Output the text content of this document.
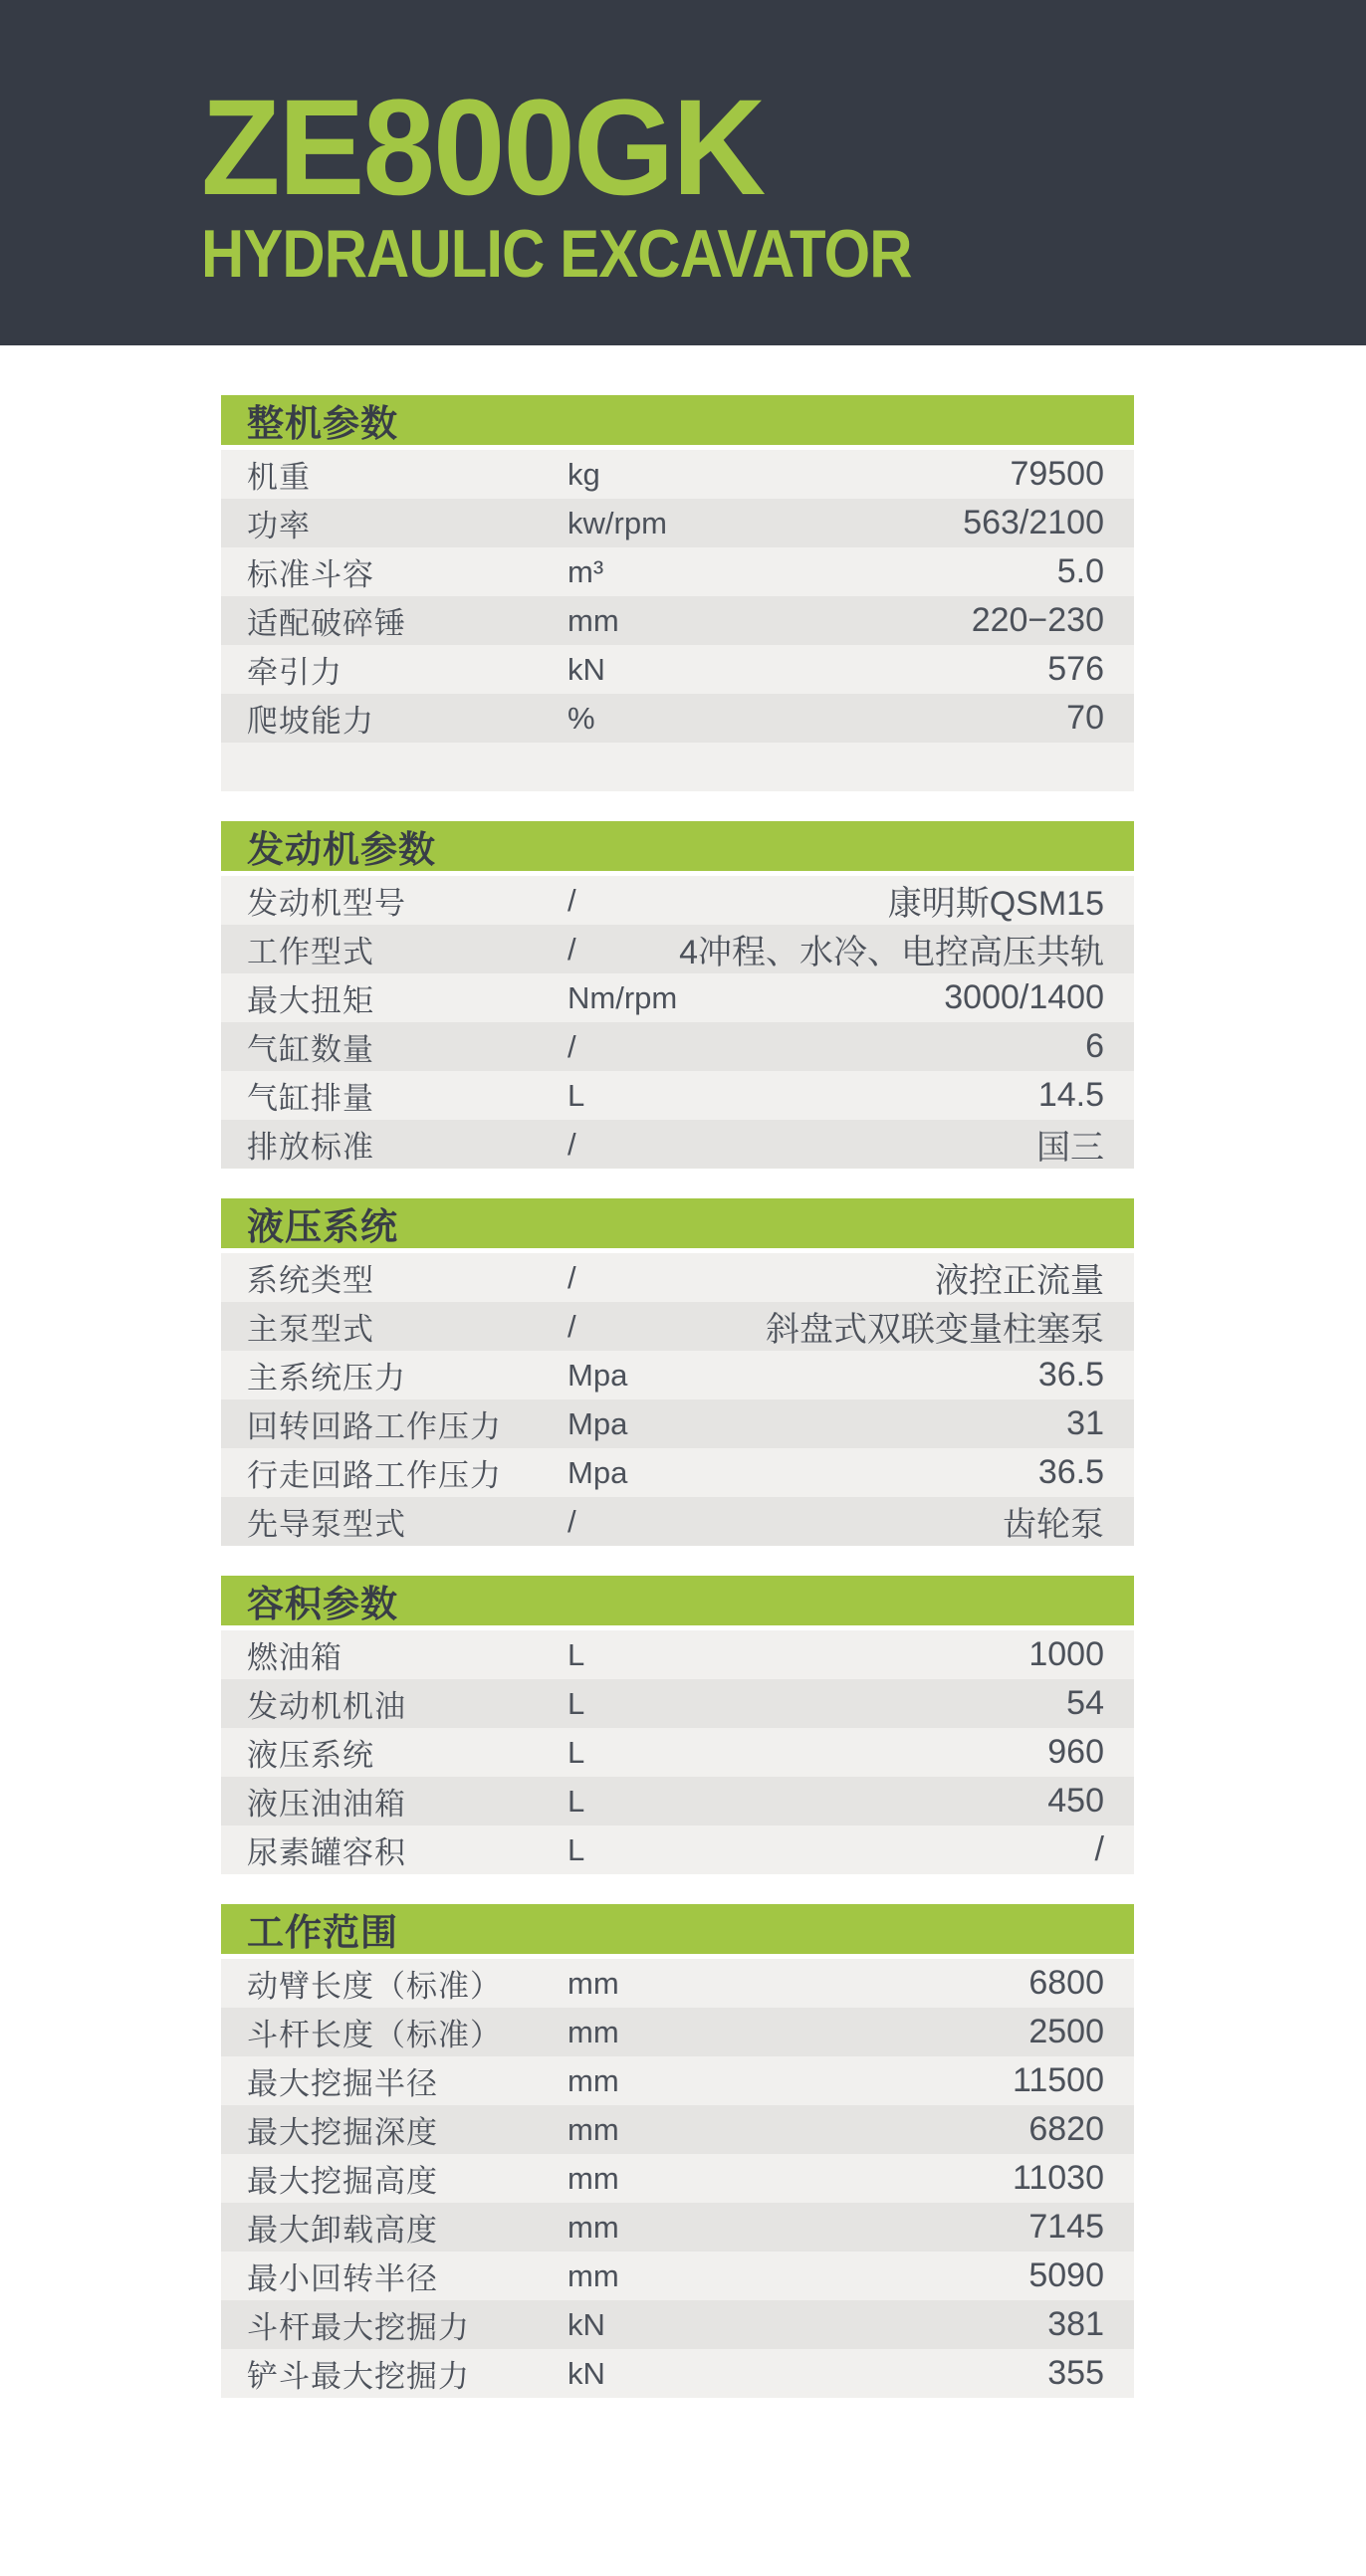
ZE800GK
HYDRAULIC EXCAVATOR
整机参数
机重	kg	79500
功率	kw/rpm	563/2100
标准斗容	m³	5.0
适配破碎锤	mm	220−230
牵引力	kN	576
爬坡能力	%	70
发动机参数
发动机型号	/	康明斯QSM15
工作型式	/	4冲程、水冷、电控高压共轨
最大扭矩	Nm/rpm	3000/1400
气缸数量	/	6
气缸排量	L	14.5
排放标准	/	国三
液压系统
系统类型	/	液控正流量
主泵型式	/	斜盘式双联变量柱塞泵
主系统压力	Mpa	36.5
回转回路工作压力	Mpa	31
行走回路工作压力	Mpa	36.5
先导泵型式	/	齿轮泵
容积参数
燃油箱	L	1000
发动机机油	L	54
液压系统	L	960
液压油油箱	L	450
尿素罐容积	L	/
工作范围
动臂长度（标准）	mm	6800
斗杆长度（标准）	mm	2500
最大挖掘半径	mm	11500
最大挖掘深度	mm	6820
最大挖掘高度	mm	11030
最大卸载高度	mm	7145
最小回转半径	mm	5090
斗杆最大挖掘力	kN	381
铲斗最大挖掘力	kN	355
